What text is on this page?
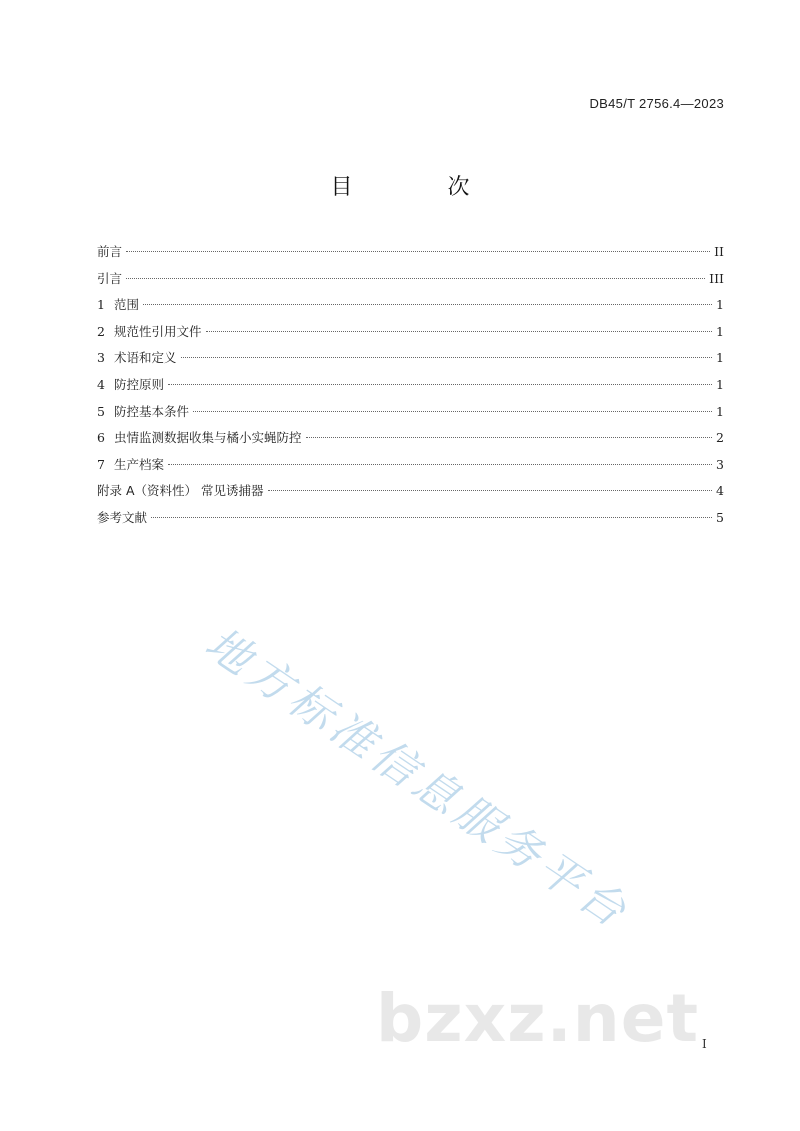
DB45/T 2756.4—2023
目 次
前言	II
引言	III
1 范围	1
2 规范性引用文件	1
3 术语和定义	1
4 防控原则	1
5 防控基本条件	1
6 虫情监测数据收集与橘小实蝇防控	2
7 生产档案	3
附录 A（资料性） 常见诱捕器	4
参考文献	5
地方标准信息服务平台
bzxz.net I
